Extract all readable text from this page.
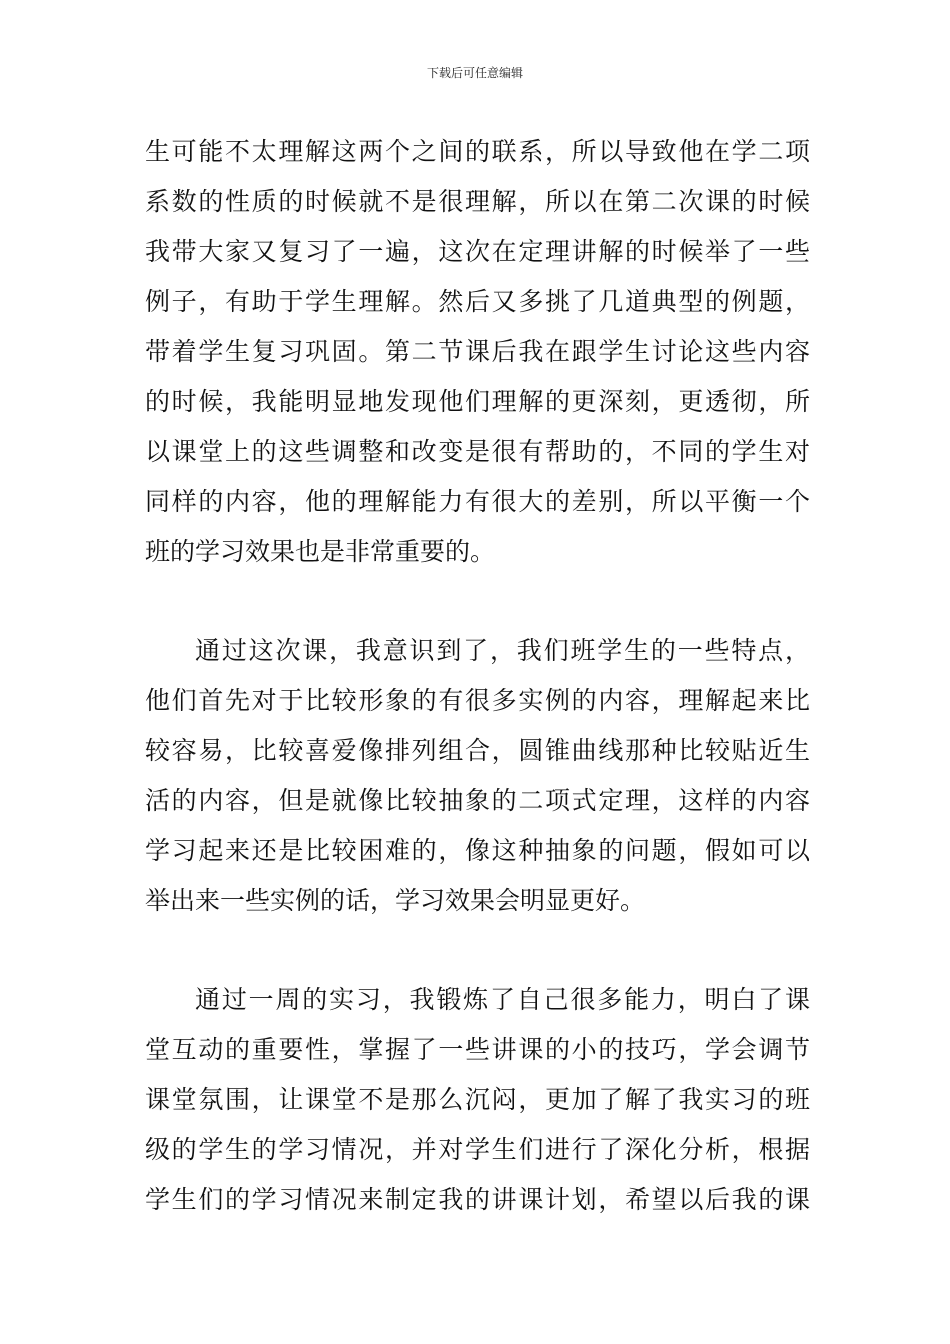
下载后可任意编辑
生可能不太理解这两个之间的联系，所以导致他在学二项
系数的性质的时候就不是很理解，所以在第二次课的时候
我带大家又复习了一遍，这次在定理讲解的时候举了一些
例子，有助于学生理解。然后又多挑了几道典型的例题，
带着学生复习巩固。第二节课后我在跟学生讨论这些内容
的时候，我能明显地发现他们理解的更深刻，更透彻，所
以课堂上的这些调整和改变是很有帮助的，不同的学生对
同样的内容，他的理解能力有很大的差别，所以平衡一个
班的学习效果也是非常重要的。
通过这次课，我意识到了，我们班学生的一些特点，
他们首先对于比较形象的有很多实例的内容，理解起来比
较容易，比较喜爱像排列组合，圆锥曲线那种比较贴近生
活的内容，但是就像比较抽象的二项式定理，这样的内容
学习起来还是比较困难的，像这种抽象的问题，假如可以
举出来一些实例的话，学习效果会明显更好。
通过一周的实习，我锻炼了自己很多能力，明白了课
堂互动的重要性，掌握了一些讲课的小的技巧，学会调节
课堂氛围，让课堂不是那么沉闷，更加了解了我实习的班
级的学生的学习情况，并对学生们进行了深化分析，根据
学生们的学习情况来制定我的讲课计划，希望以后我的课
